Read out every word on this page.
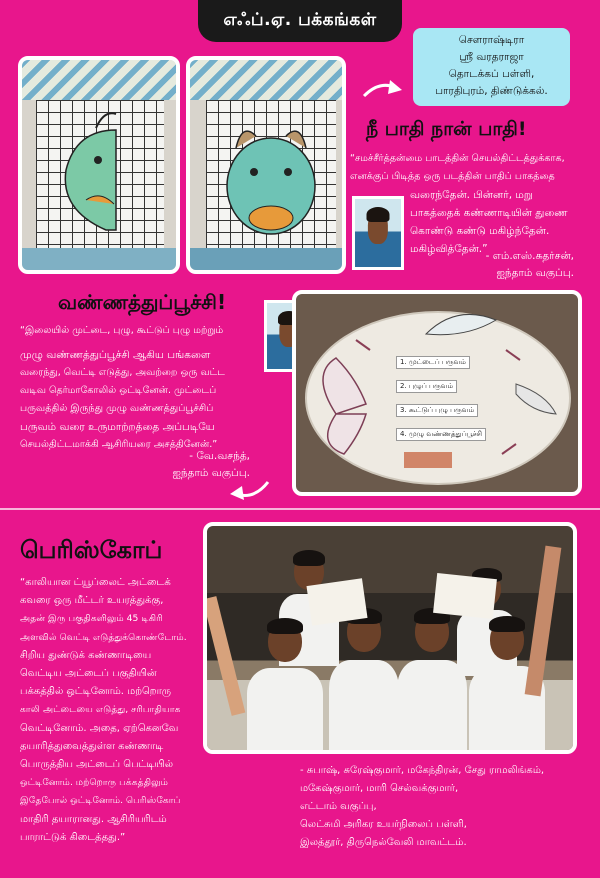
எஃப்.ஏ. பக்கங்கள்
சௌராஷ்டிரா
ஸ்ரீ வரதராஜா
தொடக்கப் பள்ளி,
பாரதிபுரம், திண்டுக்கல்.
நீ பாதி நான் பாதி!

“சமச்சீர்த்தன்மை பாடத்தின் செயல்திட்டத்துக்காக,

எனக்குப் பிடித்த ஒரு படத்தின் பாதிப் பாகத்தை

வரைந்தேன். பின்னர், மறு

பாகத்தைக் கண்ணாடியின் துணை

கொண்டு கண்டு மகிழ்ந்தேன்.

மகிழ்வித்தேன்.”

- எம்.எஸ்.சுதர்சன்,
ஐந்தாம் வகுப்பு.
வண்ணத்துப்பூச்சி!

“இலையில் முட்டை, புழு, கூட்டுப் புழு மற்றும்

முழு வண்ணத்துப்பூச்சி ஆகிய பங்களை

வரைந்து, வெட்டி எடுத்து, அவற்றை ஒரு வட்ட

வடிவ தெர்மாகோலில் ஒட்டினேன். முட்டைப்

பருவத்தில் இருந்து முழு வண்ணத்துப்பூச்சிப்

பருவம் வரை உருமாற்றத்தை அப்படியே

செயல்திட்டமாக்கி ஆசிரியரை அசத்தினேன்.”

- வே.வசந்த்,
ஐந்தாம் வகுப்பு.
1. முட்டைப் பருவம்
2. புழுப் பருவம்
3. கூட்டுப் புழு பருவம்
4. முழு வண்ணத்துப்பூச்சி
பெரிஸ்கோப்

“காலியான ட்யூப்லைட் அட்டைக்

கவரை ஒரு மீட்டர் உயரத்துக்கு,

அதன் இரு பகுதிகளிலும் 45 டிகிரி

அளவில் வெட்டி எடுத்துக்கொண்டோம்.

சிறிய துண்டுக் கண்ணாடியை

வெட்டிய அட்டைப் பகுதியின்

பக்கத்தில் ஒட்டினோம். மற்றொரு

காலி அட்டையை எடுத்து, சரிபாதியாக

வெட்டினோம். அதை, ஏற்கெனவே

தயாரித்துவைத்துள்ள கண்ணாடி

பொருத்திய அட்டைப் பெட்டியில்

ஒட்டினோம். மற்றொரு பக்கத்திலும்

இதேபோல் ஒட்டினோம். பெரிஸ்கோப்

மாதிரி தயாரானது. ஆசிரியரிடம்

பாராட்டுக் கிடைத்தது.”

- சுபாஷ், சுரேஷ்குமார், மகேந்திரன், சேது ராமலிங்கம்,
மகேஷ்குமார், மாரி செல்வக்குமார்,
எட்டாம் வகுப்பு,
லெட்சுமி அரிகர உயர்நிலைப் பள்ளி,
இலத்தூர், திருநெல்வேலி மாவட்டம்.
